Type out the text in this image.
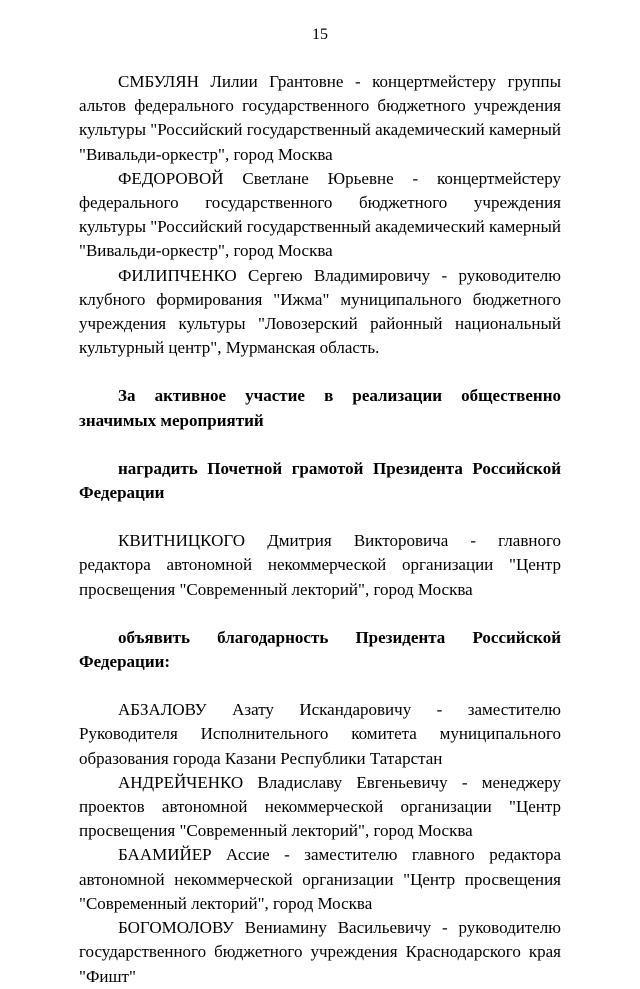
15

СМБУЛЯН Лилии Грантовне - концертмейстеру группы альтов федерального государственного бюджетного учреждения культуры "Российский государственный академический камерный "Вивальди-оркестр", город Москва

ФЕДОРОВОЙ Светлане Юрьевне - концертмейстеру федерального государственного бюджетного учреждения культуры "Российский государственный академический камерный "Вивальди-оркестр", город Москва

ФИЛИПЧЕНКО Сергею Владимировичу - руководителю клубного формирования "Ижма" муниципального бюджетного учреждения культуры "Ловозерский районный национальный культурный центр", Мурманская область.

За активное участие в реализации общественно значимых мероприятий

наградить Почетной грамотой Президента Российской Федерации

КВИТНИЦКОГО Дмитрия Викторовича - главного редактора автономной некоммерческой организации "Центр просвещения "Современный лекторий", город Москва

объявить благодарность Президента Российской Федерации:

АБЗАЛОВУ Азату Искандаровичу - заместителю Руководителя Исполнительного комитета муниципального образования города Казани Республики Татарстан

АНДРЕЙЧЕНКО Владиславу Евгеньевичу - менеджеру проектов автономной некоммерческой организации "Центр просвещения "Современный лекторий", город Москва

БААМИЙЕР Ассие - заместителю главного редактора автономной некоммерческой организации "Центр просвещения "Современный лекторий", город Москва

БОГОМОЛОВУ Вениамину Васильевичу - руководителю государственного бюджетного учреждения Краснодарского края "Фишт"
